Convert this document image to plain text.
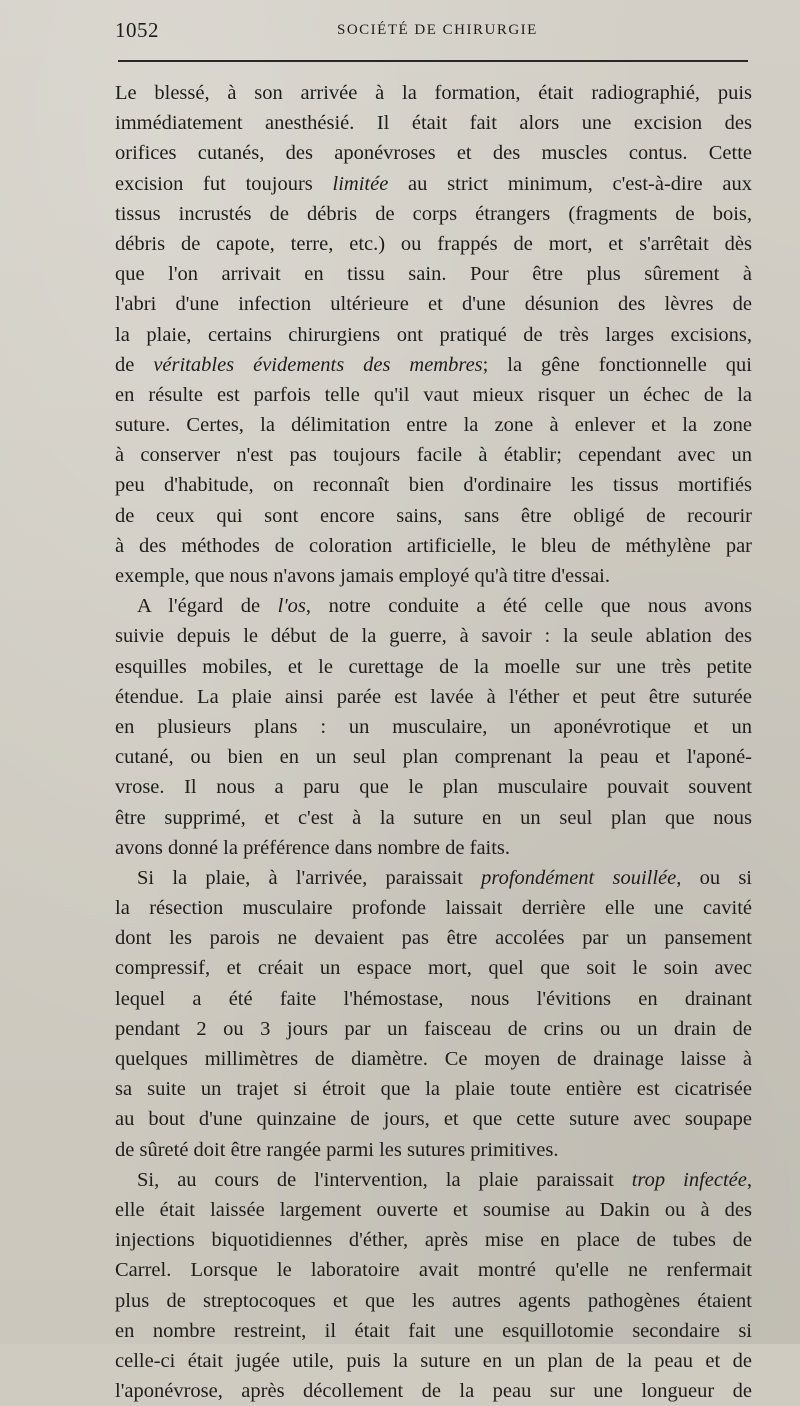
1052	SOCIÉTÉ DE CHIRURGIE
Le blessé, à son arrivée à la formation, était radiographié, puis
immédiatement anesthésié. Il était fait alors une excision des
orifices cutanés, des aponévroses et des muscles contus. Cette
excision fut toujours limitée au strict minimum, c'est-à-dire aux
tissus incrustés de débris de corps étrangers (fragments de bois,
débris de capote, terre, etc.) ou frappés de mort, et s'arrêtait dès
que l'on arrivait en tissu sain. Pour être plus sûrement à
l'abri d'une infection ultérieure et d'une désunion des lèvres de
la plaie, certains chirurgiens ont pratiqué de très larges excisions,
de véritables évidements des membres; la gêne fonctionnelle qui
en résulte est parfois telle qu'il vaut mieux risquer un échec de la
suture. Certes, la délimitation entre la zone à enlever et la zone
à conserver n'est pas toujours facile à établir; cependant avec un
peu d'habitude, on reconnaît bien d'ordinaire les tissus mortifiés
de ceux qui sont encore sains, sans être obligé de recourir
à des méthodes de coloration artificielle, le bleu de méthylène par
exemple, que nous n'avons jamais employé qu'à titre d'essai.
A l'égard de l'os, notre conduite a été celle que nous avons
suivie depuis le début de la guerre, à savoir : la seule ablation des
esquilles mobiles, et le curettage de la moelle sur une très petite
étendue. La plaie ainsi parée est lavée à l'éther et peut être suturée
en plusieurs plans : un musculaire, un aponévrotique et un
cutané, ou bien en un seul plan comprenant la peau et l'aponé-
vrose. Il nous a paru que le plan musculaire pouvait souvent
être supprimé, et c'est à la suture en un seul plan que nous
avons donné la préférence dans nombre de faits.
Si la plaie, à l'arrivée, paraissait profondément souillée, ou si
la résection musculaire profonde laissait derrière elle une cavité
dont les parois ne devaient pas être accolées par un pansement
compressif, et créait un espace mort, quel que soit le soin avec
lequel a été faite l'hémostase, nous l'évitions en drainant
pendant 2 ou 3 jours par un faisceau de crins ou un drain de
quelques millimètres de diamètre. Ce moyen de drainage laisse à
sa suite un trajet si étroit que la plaie toute entière est cicatrisée
au bout d'une quinzaine de jours, et que cette suture avec soupape
de sûreté doit être rangée parmi les sutures primitives.
Si, au cours de l'intervention, la plaie paraissait trop infectée,
elle était laissée largement ouverte et soumise au Dakin ou à des
injections biquotidiennes d'éther, après mise en place de tubes de
Carrel. Lorsque le laboratoire avait montré qu'elle ne renfermait
plus de streptocoques et que les autres agents pathogènes étaient
en nombre restreint, il était fait une esquillotomie secondaire si
celle-ci était jugée utile, puis la suture en un plan de la peau et de
l'aponévrose, après décollement de la peau sur une longueur de
